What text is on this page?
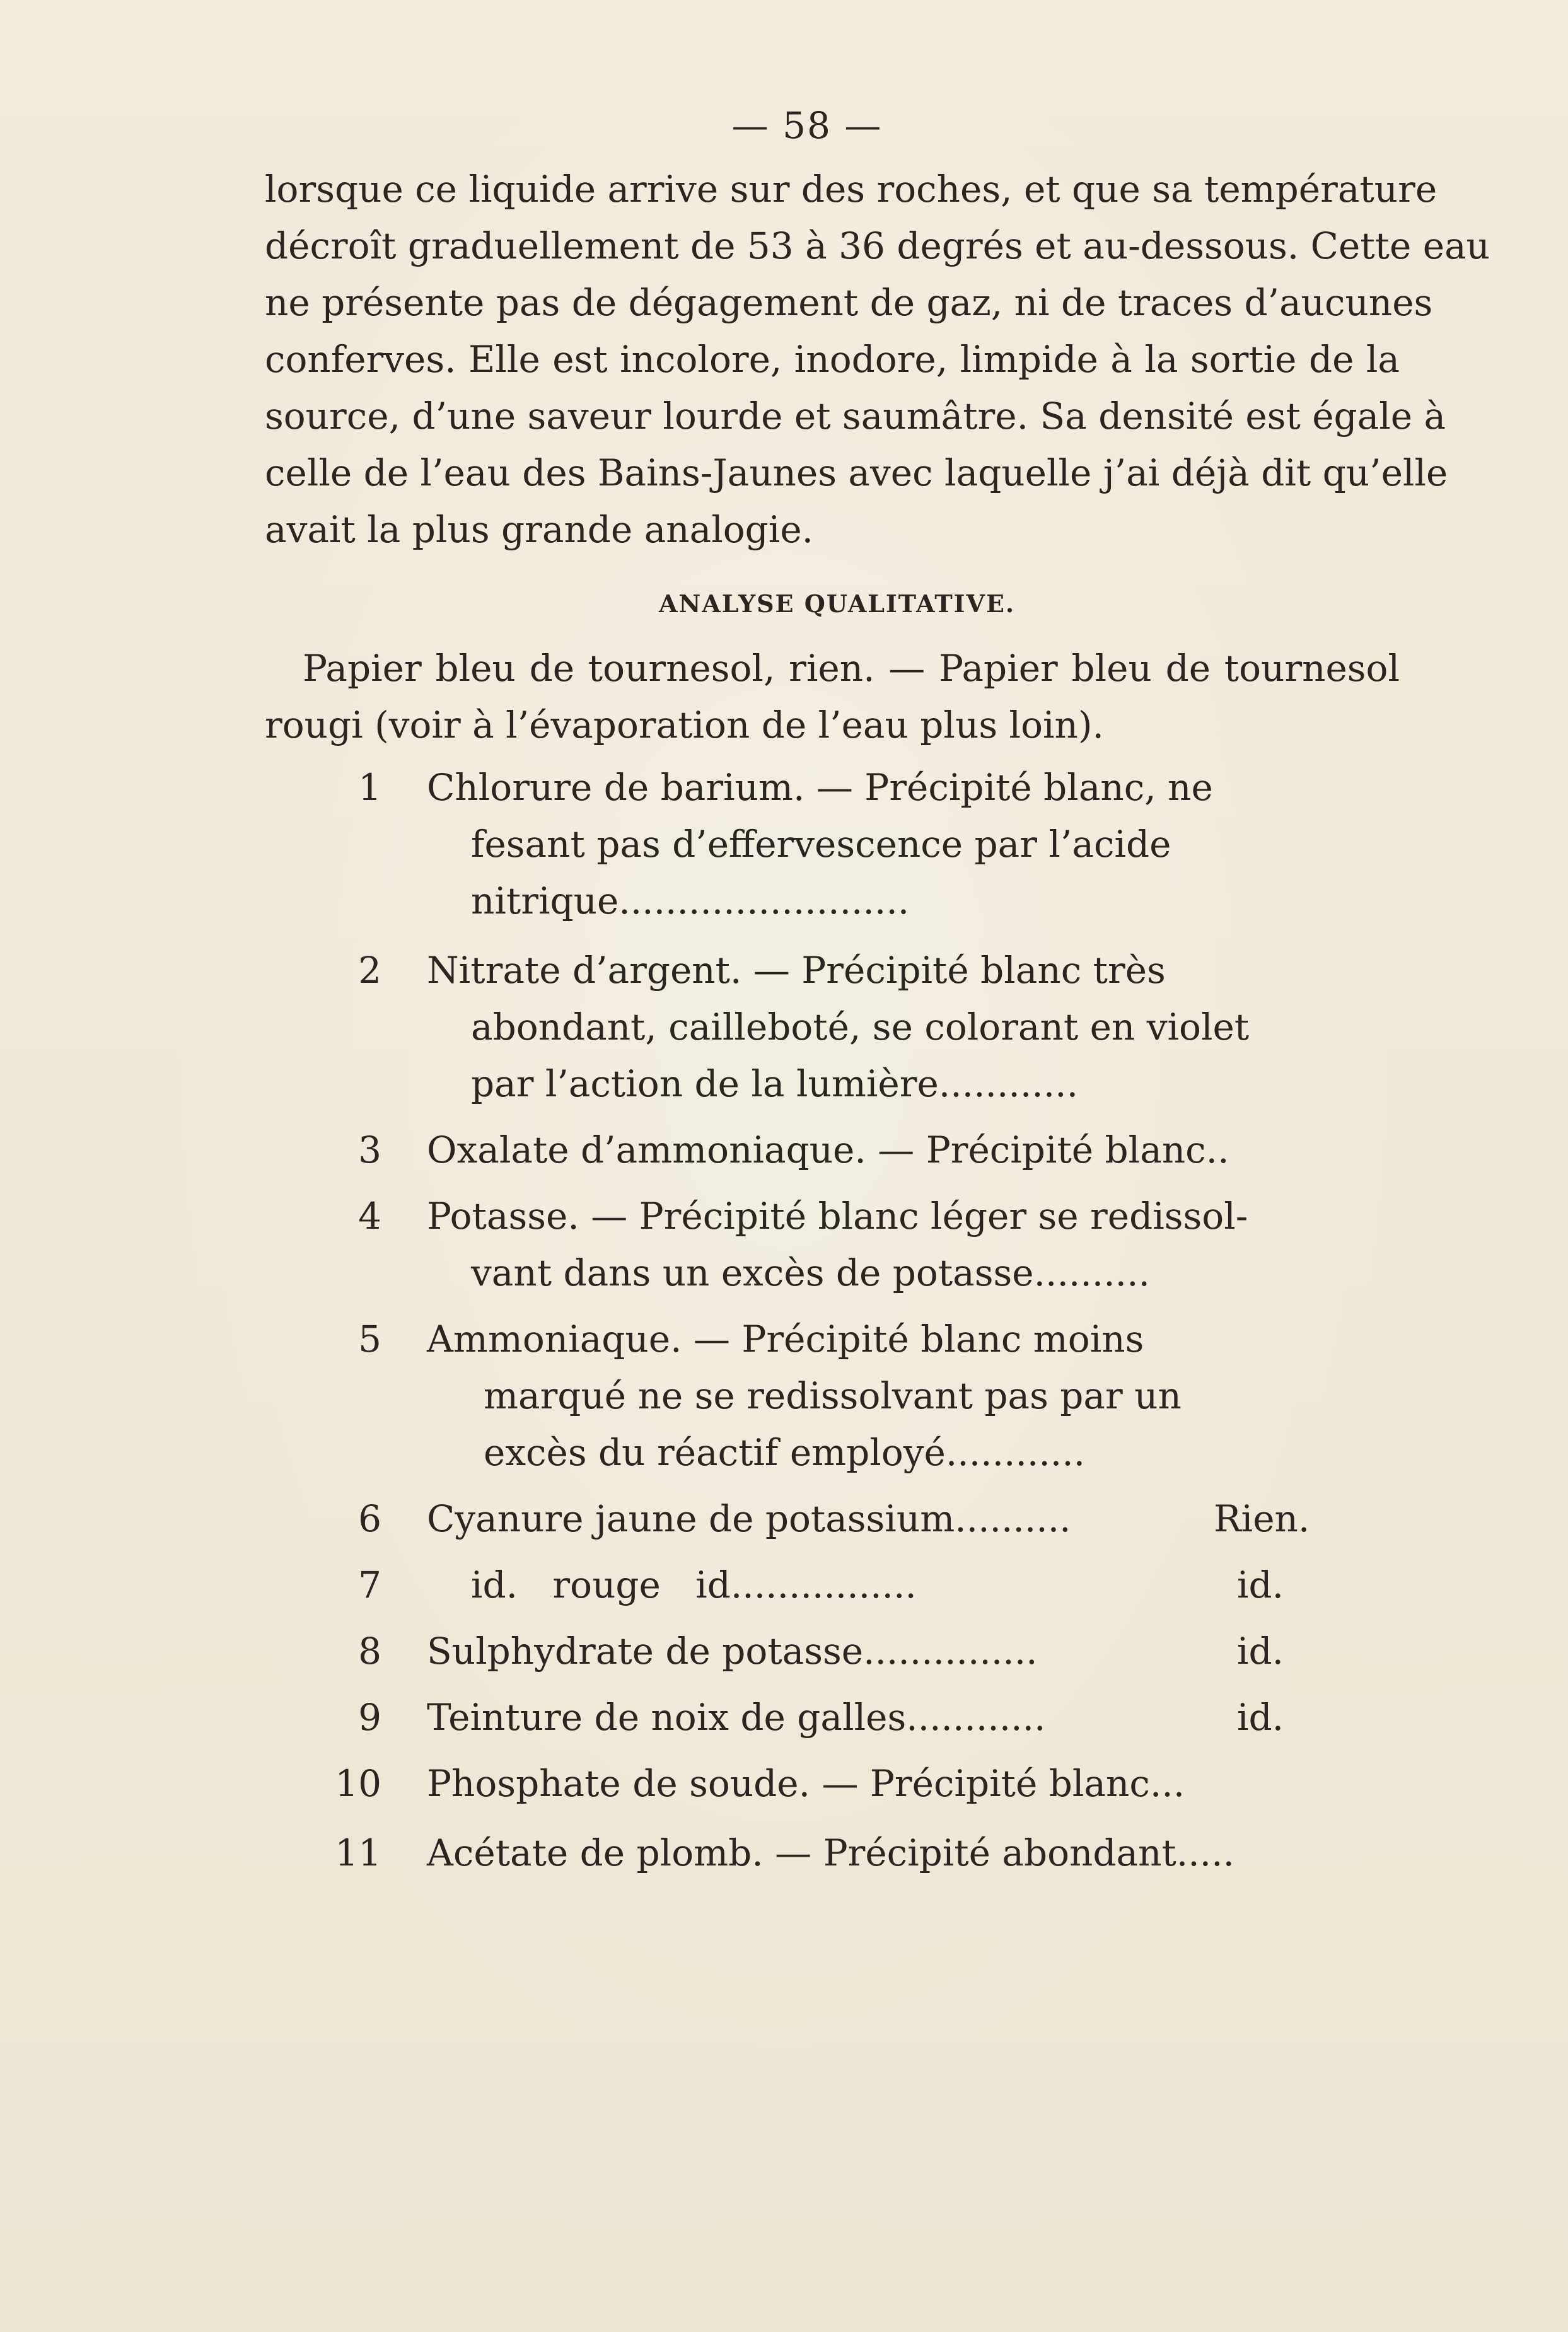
— 58 —
lorsque ce liquide arrive sur des roches, et que sa température
décroît graduellement de 53 à 36 degrés et au-dessous. Cette eau
ne présente pas de dégagement de gaz, ni de traces d’aucunes
conferves. Elle est incolore, inodore, limpide à la sortie de la
source, d’une saveur lourde et saumâtre. Sa densité est égale à
celle de l’eau des Bains-Jaunes avec laquelle j’ai déjà dit qu’elle
avait la plus grande analogie.
ANALYSE QUALITATIVE.
Papier bleu de tournesol, rien. — Papier bleu de tournesol
rougi (voir à l’évaporation de l’eau plus loin).
1 Chlorure de barium. — Précipité blanc, ne
fesant pas d’effervescence par l’acide
nitrique.........................
2 Nitrate d’argent. — Précipité blanc très
abondant, cailleboté, se colorant en violet
par l’action de la lumière............
3 Oxalate d’ammoniaque. — Précipité blanc..
4 Potasse. — Précipité blanc léger se redissol-
vant dans un excès de potasse..........
5 Ammoniaque. — Précipité blanc moins
marqué ne se redissolvant pas par un
excès du réactif employé............
6 Cyanure jaune de potassium..........	Rien.
7 id.   rouge   id................	id.
8 Sulphydrate de potasse...............	id.
9 Teinture de noix de galles............	id.
10 Phosphate de soude. — Précipité blanc...
11 Acétate de plomb. — Précipité abondant.....
